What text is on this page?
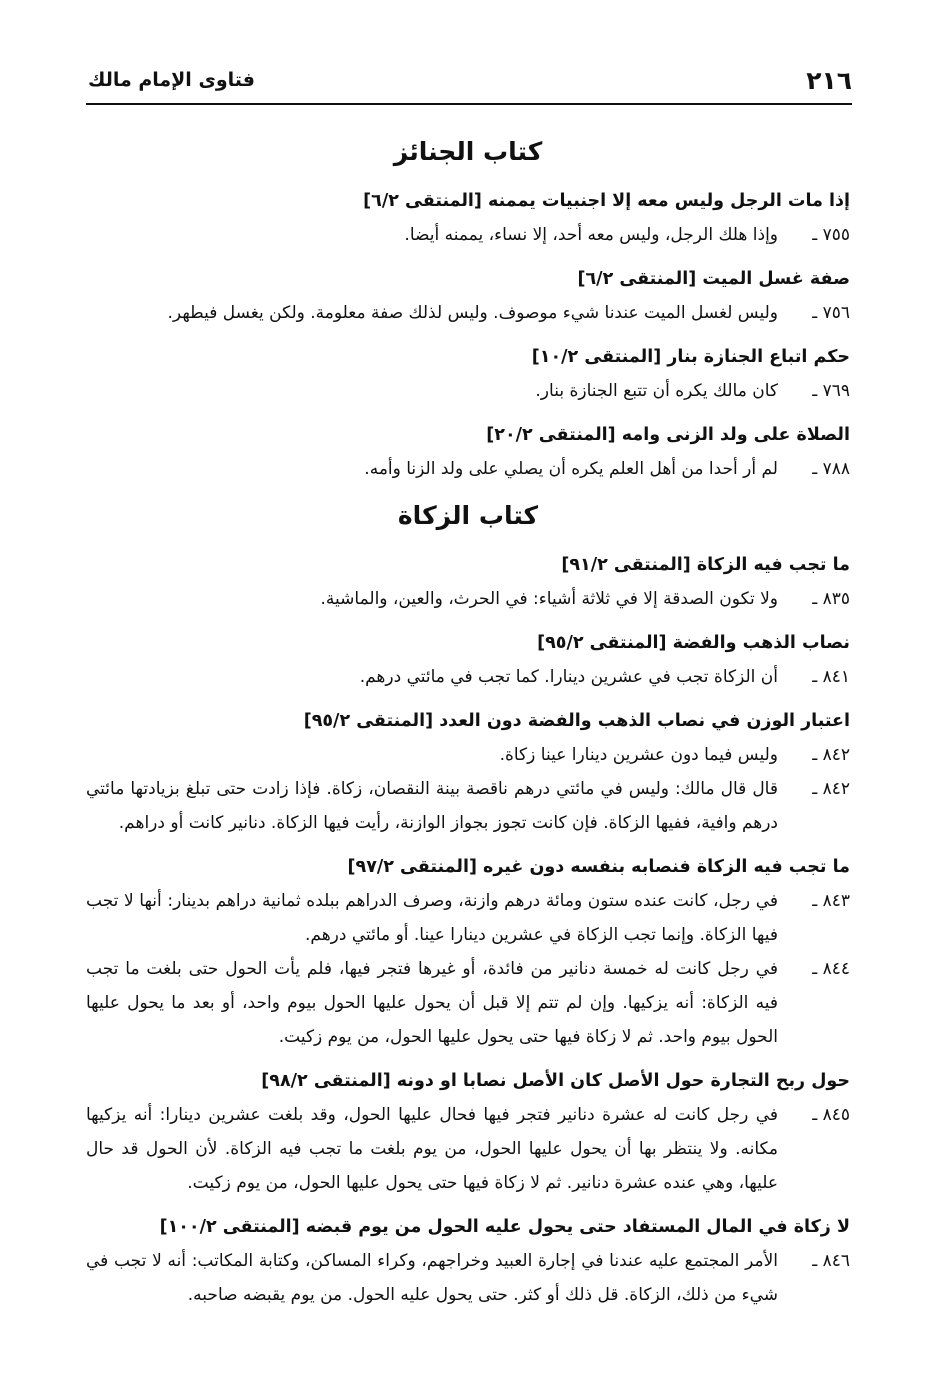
٢١٦
فتاوى الإمام مالك
كتاب الجنائز
إذا مات الرجل وليس معه إلا اجنبيات يممنه [المنتقى ٦/٢]
٧٥٥ ـ
وإذا هلك الرجل، وليس معه أحد، إلا نساء، يممنه أيضا.
صفة غسل الميت [المنتقى ٦/٢]
٧٥٦ ـ
وليس لغسل الميت عندنا شيء موصوف. وليس لذلك صفة معلومة. ولكن يغسل فيطهر.
حكم اتباع الجنازة بنار [المنتقى ١٠/٢]
٧٦٩ ـ
كان مالك يكره أن تتبع الجنازة بنار.
الصلاة على ولد الزنى وامه [المنتقى ٢٠/٢]
٧٨٨ ـ
لم أر أحدا من أهل العلم يكره أن يصلي على ولد الزنا وأمه.
كتاب الزكاة
ما تجب فيه الزكاة [المنتقى ٩١/٢]
٨٣٥ ـ
ولا تكون الصدقة إلا في ثلاثة أشياء: في الحرث، والعين، والماشية.
نصاب الذهب والفضة [المنتقى ٩٥/٢]
٨٤١ ـ
أن الزكاة تجب في عشرين دينارا. كما تجب في مائتي درهم.
اعتبار الوزن في نصاب الذهب والفضة دون العدد [المنتقى ٩٥/٢]
٨٤٢ ـ
وليس فيما دون عشرين دينارا عينا زكاة.
٨٤٢ ـ
قال قال مالك: وليس في مائتي درهم ناقصة بينة النقصان، زكاة. فإذا زادت حتى تبلغ بزيادتها مائتي درهم وافية، ففيها الزكاة. فإن كانت تجوز بجواز الوازنة، رأيت فيها الزكاة. دنانير كانت أو دراهم.
ما تجب فيه الزكاة فنصابه بنفسه دون غيره [المنتقى ٩٧/٢]
٨٤٣ ـ
في رجل، كانت عنده ستون ومائة درهم وازنة، وصرف الدراهم ببلده ثمانية دراهم بدينار: أنها لا تجب فيها الزكاة. وإنما تجب الزكاة في عشرين دينارا عينا. أو مائتي درهم.
٨٤٤ ـ
في رجل كانت له خمسة دنانير من فائدة، أو غيرها فتجر فيها، فلم يأت الحول حتى بلغت ما تجب فيه الزكاة: أنه يزكيها. وإن لم تتم إلا قبل أن يحول عليها الحول بيوم واحد، أو بعد ما يحول عليها الحول بيوم واحد. ثم لا زكاة فيها حتى يحول عليها الحول، من يوم زكيت.
حول ربح التجارة حول الأصل كان الأصل نصابا او دونه [المنتقى ٩٨/٢]
٨٤٥ ـ
في رجل كانت له عشرة دنانير فتجر فيها فحال عليها الحول، وقد بلغت عشرين دينارا: أنه يزكيها مكانه. ولا ينتظر بها أن يحول عليها الحول، من يوم بلغت ما تجب فيه الزكاة. لأن الحول قد حال عليها، وهي عنده عشرة دنانير. ثم لا زكاة فيها حتى يحول عليها الحول، من يوم زكيت.
لا زكاة في المال المستفاد حتى يحول عليه الحول من يوم قبضه [المنتقى ١٠٠/٢]
٨٤٦ ـ
الأمر المجتمع عليه عندنا في إجارة العبيد وخراجهم، وكراء المساكن، وكتابة المكاتب: أنه لا تجب في شيء من ذلك، الزكاة. قل ذلك أو كثر. حتى يحول عليه الحول. من يوم يقبضه صاحبه.
